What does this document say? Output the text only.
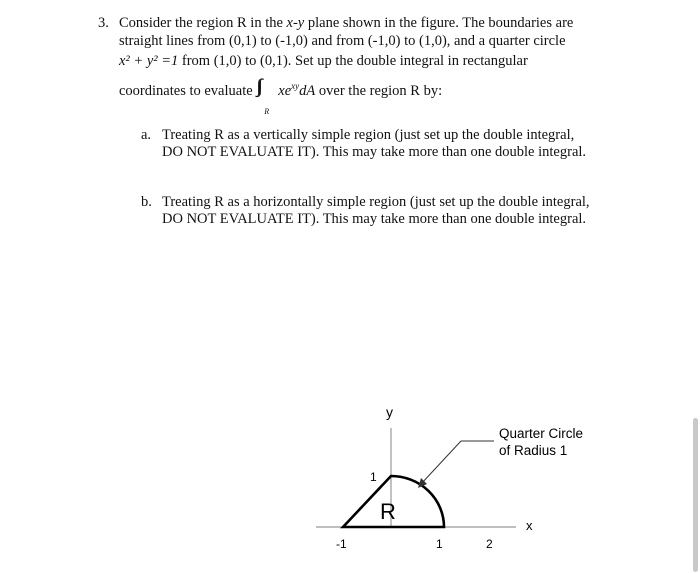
3. Consider the region R in the x-y plane shown in the figure. The boundaries are
straight lines from (0,1) to (-1,0) and from (-1,0) to (1,0), and a quarter circle
x² + y² =1 from (1,0) to (0,1). Set up the double integral in rectangular
coordinates to evaluate ∫∫
R
$xe^{xy}dA$ over the region R by:
a. Treating R as a vertically simple region (just set up the double integral,
DO NOT EVALUATE IT). This may take more than one double integral.
b. Treating R as a horizontally simple region (just set up the double integral,
DO NOT EVALUATE IT). This may take more than one double integral.
y
x
R
Quarter Circle
of Radius 1
-1	1	2
1
